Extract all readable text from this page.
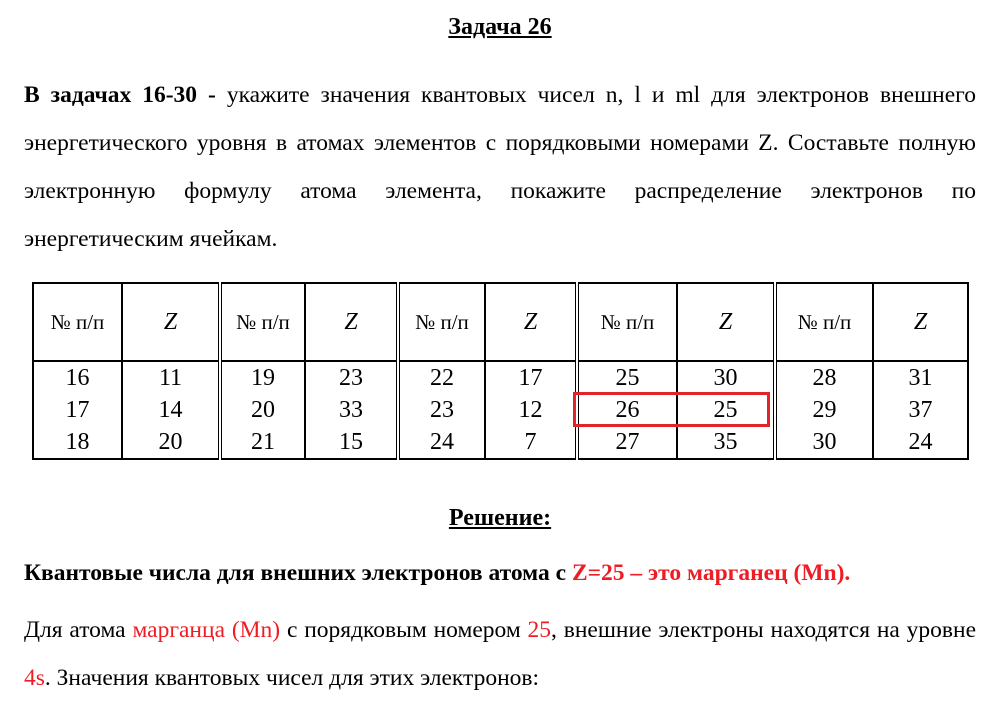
Задача 26
В задачах 16-30 - укажите значения квантовых чисел n, l и ml для электронов внешнего энергетического уровня в атомах элементов с порядковыми номерами Z. Составьте полную электронную формулу атома элемента, покажите распределение электронов по энергетическим ячейкам.
№ п/п	Z	№ п/п	Z	№ п/п	Z	№ п/п	Z	№ п/п	Z
16	11	19	23	22	17	25	30	28	31
17	14	20	33	23	12	26	25	29	37
18	20	21	15	24	7	27	35	30	24
Решение:
Квантовые числа для внешних электронов атома с Z=25 – это марганец (Mn).
Для атома марганца (Mn) с порядковым номером 25, внешние электроны находятся на уровне 4s. Значения квантовых чисел для этих электронов:
